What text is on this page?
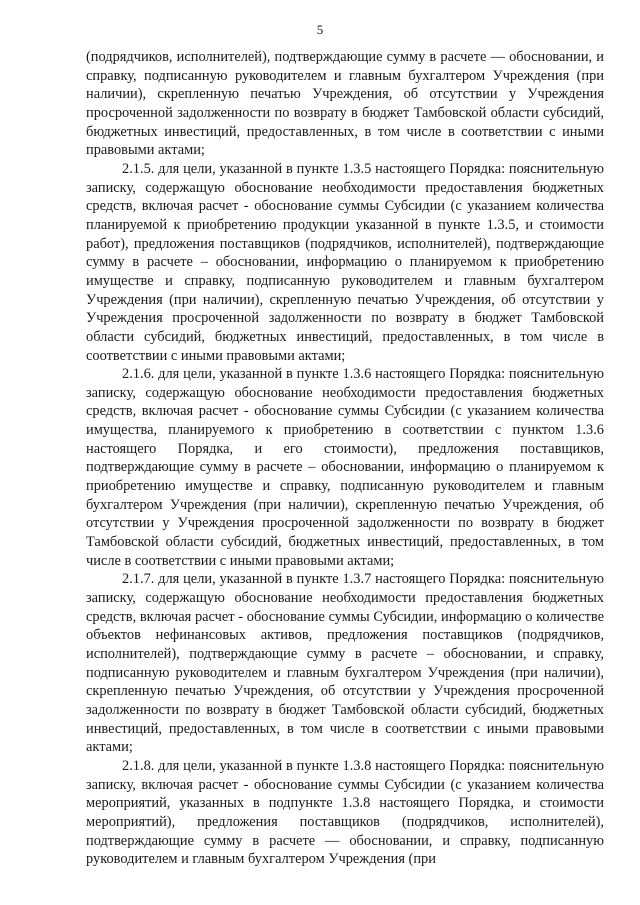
5

(подрядчиков, исполнителей), подтверждающие сумму в расчете — обосновании, и справку, подписанную руководителем и главным бухгалтером Учреждения (при наличии), скрепленную печатью Учреждения, об отсутствии у Учреждения просроченной задолженности по возврату в бюджет Тамбовской области субсидий, бюджетных инвестиций, предоставленных, в том числе в соответствии с иными правовыми актами;

2.1.5. для цели, указанной в пункте 1.3.5 настоящего Порядка: пояснительную записку, содержащую обоснование необходимости предоставления бюджетных средств, включая расчет - обоснование суммы Субсидии (с указанием количества планируемой к приобретению продукции указанной в пункте 1.3.5, и стоимости работ), предложения поставщиков (подрядчиков, исполнителей), подтверждающие сумму в расчете – обосновании, информацию о планируемом к приобретению имуществе и справку, подписанную руководителем и главным бухгалтером Учреждения (при наличии), скрепленную печатью Учреждения, об отсутствии у Учреждения просроченной задолженности по возврату в бюджет Тамбовской области субсидий, бюджетных инвестиций, предоставленных, в том числе в соответствии с иными правовыми актами;

2.1.6. для цели, указанной в пункте 1.3.6 настоящего Порядка: пояснительную записку, содержащую обоснование необходимости предоставления бюджетных средств, включая расчет - обоснование суммы Субсидии (с указанием количества имущества, планируемого к приобретению в соответствии с пунктом 1.3.6 настоящего Порядка, и его стоимости), предложения поставщиков, подтверждающие сумму в расчете – обосновании, информацию о планируемом к приобретению имуществе и справку, подписанную руководителем и главным бухгалтером Учреждения (при наличии), скрепленную печатью Учреждения, об отсутствии у Учреждения просроченной задолженности по возврату в бюджет Тамбовской области субсидий, бюджетных инвестиций, предоставленных, в том числе в соответствии с иными правовыми актами;

2.1.7. для цели, указанной в пункте 1.3.7 настоящего Порядка: пояснительную записку, содержащую обоснование необходимости предоставления бюджетных средств, включая расчет - обоснование суммы Субсидии, информацию о количестве объектов нефинансовых активов, предложения поставщиков (подрядчиков, исполнителей), подтверждающие сумму в расчете – обосновании, и справку, подписанную руководителем и главным бухгалтером Учреждения (при наличии), скрепленную печатью Учреждения, об отсутствии у Учреждения просроченной задолженности по возврату в бюджет Тамбовской области субсидий, бюджетных инвестиций, предоставленных, в том числе в соответствии с иными правовыми актами;

2.1.8. для цели, указанной в пункте 1.3.8 настоящего Порядка: пояснительную записку, включая расчет - обоснование суммы Субсидии (с указанием количества мероприятий, указанных в подпункте 1.3.8 настоящего Порядка, и стоимости мероприятий), предложения поставщиков (подрядчиков, исполнителей), подтверждающие сумму в расчете — обосновании, и справку, подписанную руководителем и главным бухгалтером Учреждения (при
